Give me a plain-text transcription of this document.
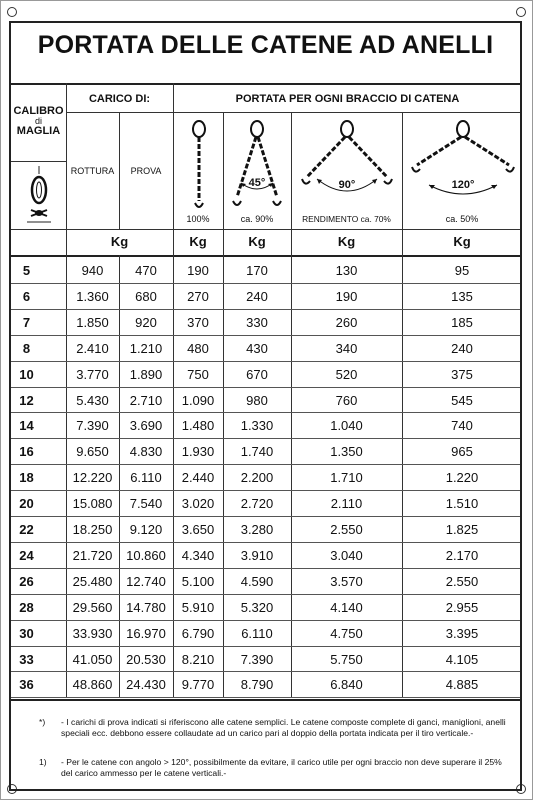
PORTATA DELLE CATENE AD ANELLI
CALIBRO
di
MAGLIA
CARICO DI:	PORTATA PER OGNI BRACCIO DI CATENA
ROTTURA	PROVA
45°	90°	120°
100%	ca. 90%	RENDIMENTO ca. 70%	ca. 50%
Kg	Kg	Kg	Kg	Kg
5	940	470	190	170	130	95
6	1.360	680	270	240	190	135
7	1.850	920	370	330	260	185
8	2.410	1.210	480	430	340	240
10	3.770	1.890	750	670	520	375
12	5.430	2.710	1.090	980	760	545
14	7.390	3.690	1.480	1.330	1.040	740
16	9.650	4.830	1.930	1.740	1.350	965
18	12.220	6.110	2.440	2.200	1.710	1.220
20	15.080	7.540	3.020	2.720	2.110	1.510
22	18.250	9.120	3.650	3.280	2.550	1.825
24	21.720	10.860	4.340	3.910	3.040	2.170
26	25.480	12.740	5.100	4.590	3.570	2.550
28	29.560	14.780	5.910	5.320	4.140	2.955
30	33.930	16.970	6.790	6.110	4.750	3.395
33	41.050	20.530	8.210	7.390	5.750	4.105
36	48.860	24.430	9.770	8.790	6.840	4.885
*) - I carichi di prova indicati si riferiscono alle catene semplici. Le catene composte complete di ganci, maniglioni, anelli speciali ecc. debbono essere collaudate ad un carico pari al doppio della portata indicata per il tiro verticale.-
1) - Per le catene con angolo > 120°, possibilmente da evitare, il carico utile per ogni braccio non deve superare il 25% del carico ammesso per le catene verticali.-
